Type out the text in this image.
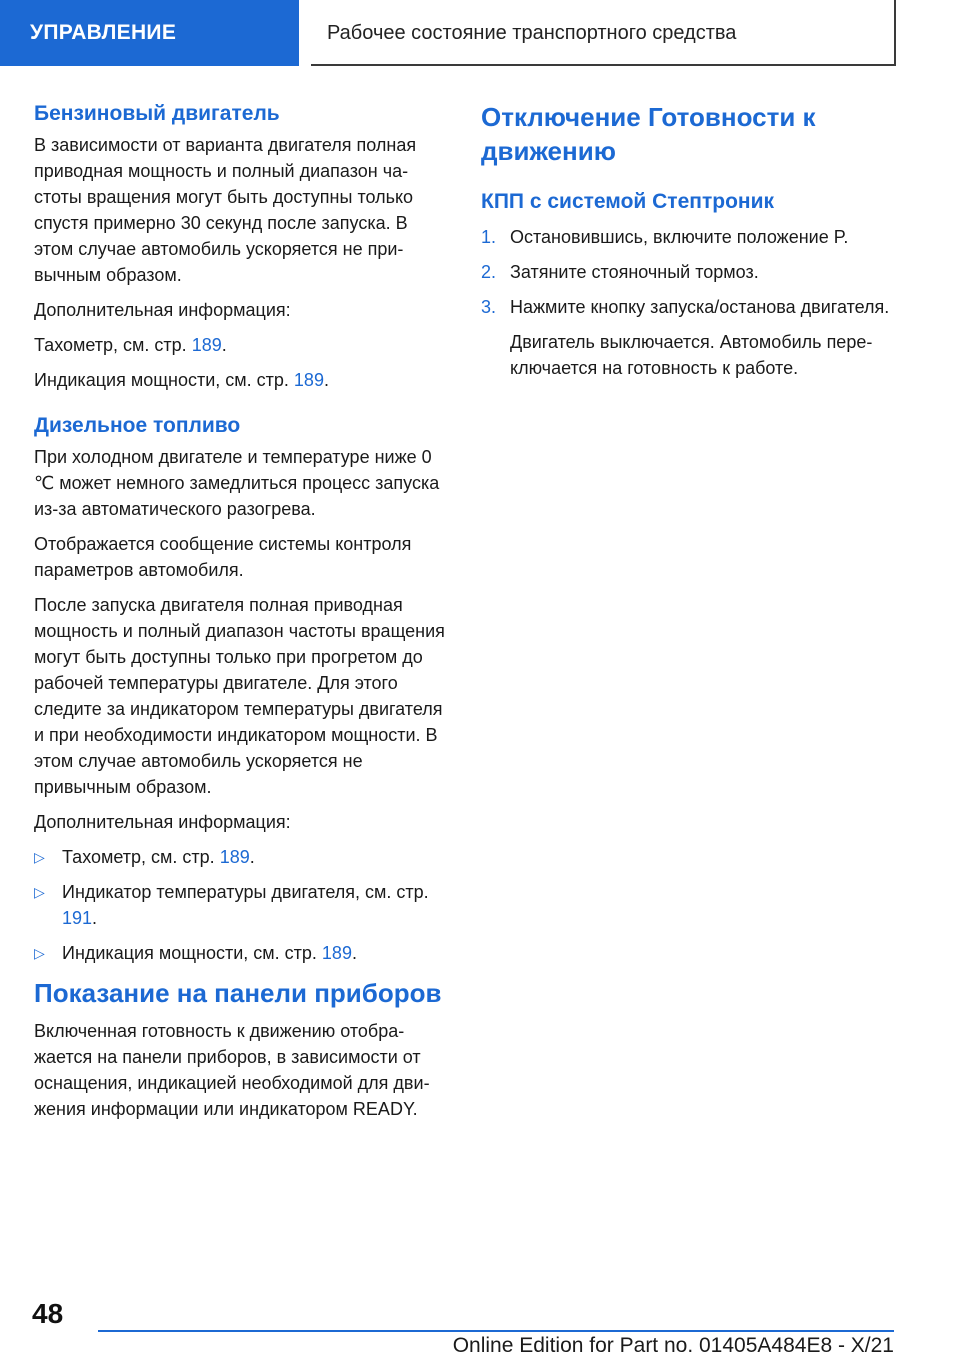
УПРАВЛЕНИЕ	Рабочее состояние транспортного средства
Бензиновый двигатель

В зависимости от варианта двигателя полная приводная мощность и полный диапазон частоты вращения могут быть доступны только спустя примерно 30 секунд после запуска. В этом случае автомобиль ускоряется не привычным образом.

Дополнительная информация:

Тахометр, см. стр. 189.

Индикация мощности, см. стр. 189.

Дизельное топливо

При холодном двигателе и температуре ниже 0 ℃ может немного замедлиться процесс запуска из-за автоматического разогрева.

Отображается сообщение системы контроля параметров автомобиля.

После запуска двигателя полная приводная мощность и полный диапазон частоты вращения могут быть доступны только при прогретом до рабочей температуры двигателе. Для этого следите за индикатором температуры двигателя и при необходимости индикатором мощности. В этом случае автомобиль ускоряется не привычным образом.

Дополнительная информация:

▷ Тахометр, см. стр. 189.
▷ Индикатор температуры двигателя, см. стр. 191.
▷ Индикация мощности, см. стр. 189.
Показание на панели приборов

Включенная готовность к движению отображается на панели приборов, в зависимости от оснащения, индикацией необходимой для движения информации или индикатором READY.

Отключение Готовности к движению
КПП с системой Стептроник
1. Остановившись, включите положение P.
2. Затяните стояночный тормоз.
3. Нажмите кнопку запуска/останова двигателя.
Двигатель выключается. Автомобиль переключается на готовность к работе.
48
Online Edition for Part no. 01405A484E8 - X/21
